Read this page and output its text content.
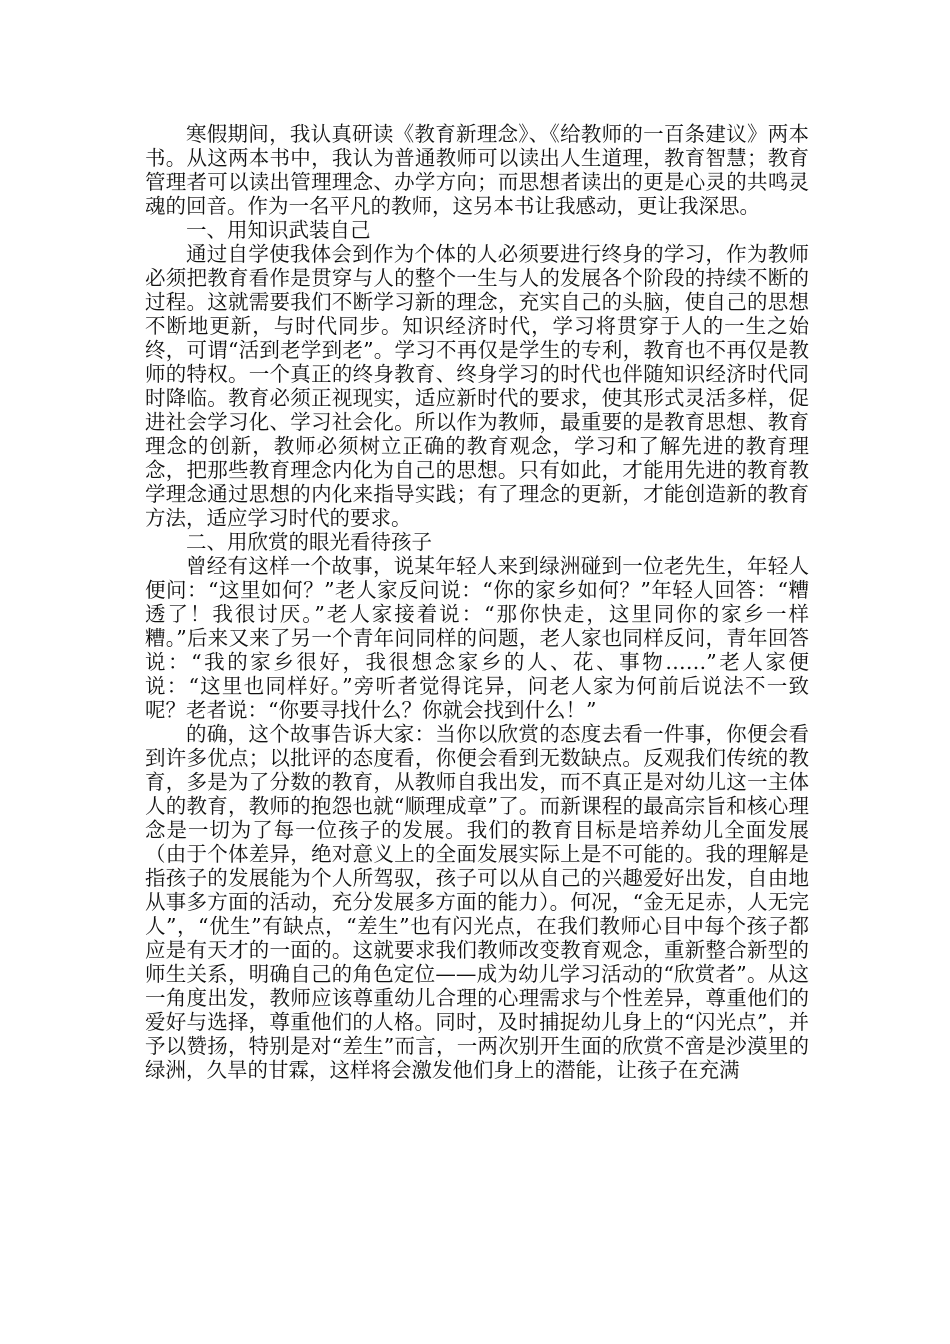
寒假期间，我认真研读《教育新理念》、《给教师的一百条建议》两本书。从这两本书中，我认为普通教师可以读出人生道理，教育智慧；教育管理者可以读出管理理念、办学方向；而思想者读出的更是心灵的共鸣灵魂的回音。作为一名平凡的教师，这另本书让我感动，更让我深思。

一、用知识武装自己

通过自学使我体会到作为个体的人必须要进行终身的学习，作为教师必须把教育看作是贯穿与人的整个一生与人的发展各个阶段的持续不断的过程。这就需要我们不断学习新的理念，充实自己的头脑，使自己的思想不断地更新，与时代同步。知识经济时代，学习将贯穿于人的一生之始终，可谓“活到老学到老”。学习不再仅是学生的专利，教育也不再仅是教师的特权。一个真正的终身教育、终身学习的时代也伴随知识经济时代同时降临。教育必须正视现实，适应新时代的要求，使其形式灵活多样，促进社会学习化、学习社会化。所以作为教师，最重要的是教育思想、教育理念的创新，教师必须树立正确的教育观念，学习和了解先进的教育理念，把那些教育理念内化为自己的思想。只有如此，才能用先进的教育教学理念通过思想的内化来指导实践；有了理念的更新，才能创造新的教育方法，适应学习时代的要求。

二、用欣赏的眼光看待孩子

曾经有这样一个故事，说某年轻人来到绿洲碰到一位老先生，年轻人便问：“这里如何？”老人家反问说：“你的家乡如何？”年轻人回答：“糟透了！我很讨厌。”老人家接着说：“那你快走，这里同你的家乡一样糟。”后来又来了另一个青年问同样的问题，老人家也同样反问，青年回答说：“我的家乡很好，我很想念家乡的人、花、事物……”老人家便说：“这里也同样好。”旁听者觉得诧异，问老人家为何前后说法不一致呢？老者说：“你要寻找什么？你就会找到什么！”

的确，这个故事告诉大家：当你以欣赏的态度去看一件事，你便会看到许多优点；以批评的态度看，你便会看到无数缺点。反观我们传统的教育，多是为了分数的教育，从教师自我出发，而不真正是对幼儿这一主体人的教育，教师的抱怨也就“顺理成章”了。而新课程的最高宗旨和核心理念是一切为了每一位孩子的发展。我们的教育目标是培养幼儿全面发展（由于个体差异，绝对意义上的全面发展实际上是不可能的。我的理解是指孩子的发展能为个人所驾驭，孩子可以从自己的兴趣爱好出发，自由地从事多方面的活动，充分发展多方面的能力）。何况，“金无足赤，人无完人”，“优生”有缺点，“差生”也有闪光点，在我们教师心目中每个孩子都应是有天才的一面的。这就要求我们教师改变教育观念，重新整合新型的师生关系，明确自己的角色定位——成为幼儿学习活动的“欣赏者”。从这一角度出发，教师应该尊重幼儿合理的心理需求与个性差异，尊重他们的爱好与选择，尊重他们的人格。同时，及时捕捉幼儿身上的“闪光点”，并予以赞扬，特别是对“差生”而言，一两次别开生面的欣赏不啻是沙漠里的绿洲，久旱的甘霖，这样将会激发他们身上的潜能，让孩子在充满
